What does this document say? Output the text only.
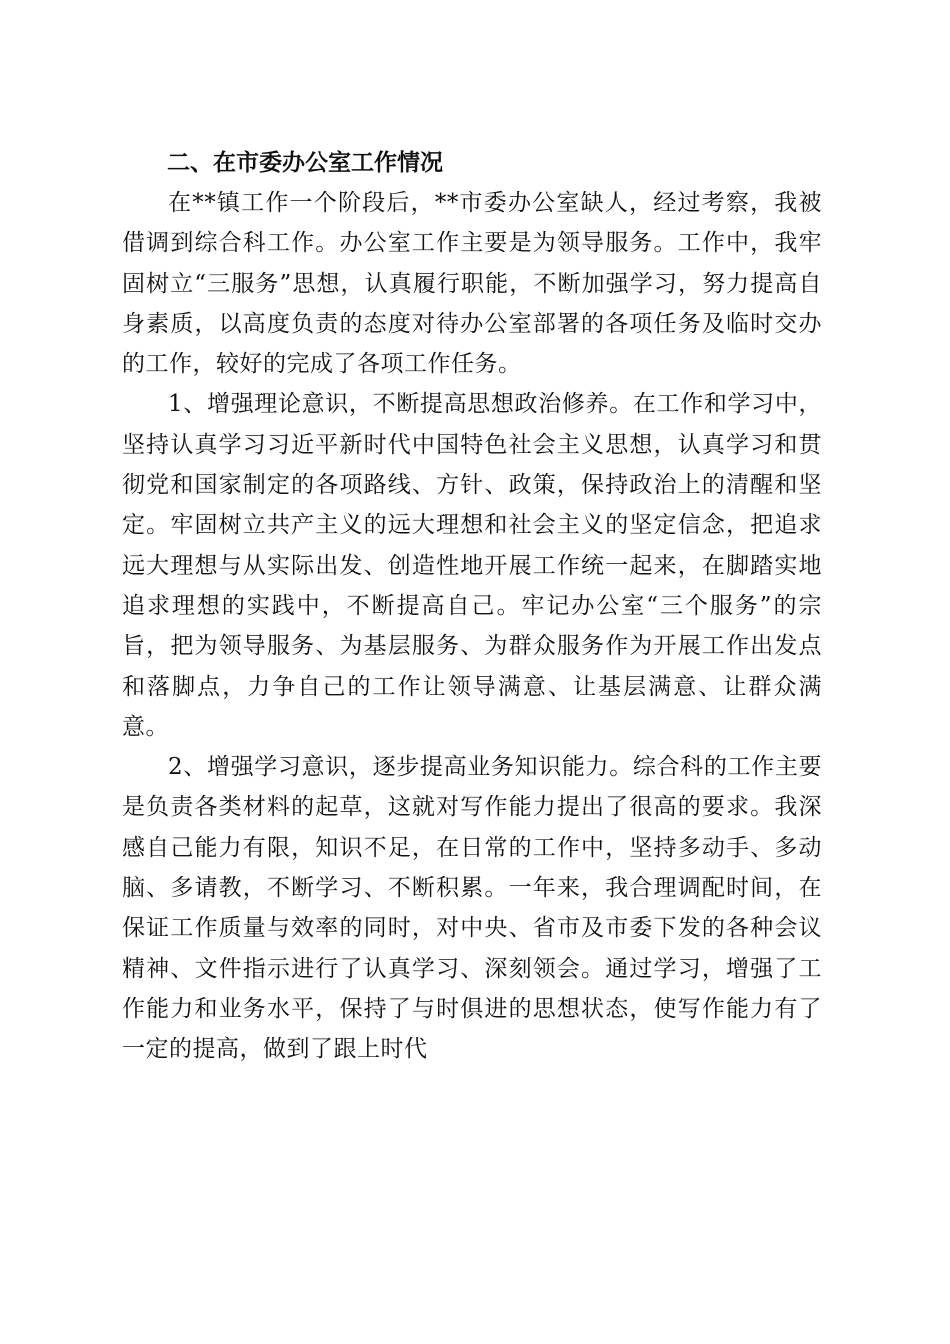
二、在市委办公室工作情况

在**镇工作一个阶段后，**市委办公室缺人，经过考察，我被借调到综合科工作。办公室工作主要是为领导服务。工作中，我牢固树立“三服务”思想，认真履行职能，不断加强学习，努力提高自身素质，以高度负责的态度对待办公室部署的各项任务及临时交办的工作，较好的完成了各项工作任务。

1、增强理论意识，不断提高思想政治修养。在工作和学习中，坚持认真学习习近平新时代中国特色社会主义思想，认真学习和贯彻党和国家制定的各项路线、方针、政策，保持政治上的清醒和坚定。牢固树立共产主义的远大理想和社会主义的坚定信念，把追求远大理想与从实际出发、创造性地开展工作统一起来，在脚踏实地追求理想的实践中，不断提高自己。牢记办公室“三个服务”的宗旨，把为领导服务、为基层服务、为群众服务作为开展工作出发点和落脚点，力争自己的工作让领导满意、让基层满意、让群众满意。

2、增强学习意识，逐步提高业务知识能力。综合科的工作主要是负责各类材料的起草，这就对写作能力提出了很高的要求。我深感自己能力有限，知识不足，在日常的工作中，坚持多动手、多动脑、多请教，不断学习、不断积累。一年来，我合理调配时间，在保证工作质量与效率的同时，对中央、省市及市委下发的各种会议精神、文件指示进行了认真学习、深刻领会。通过学习，增强了工作能力和业务水平，保持了与时俱进的思想状态，使写作能力有了一定的提高，做到了跟上时代
